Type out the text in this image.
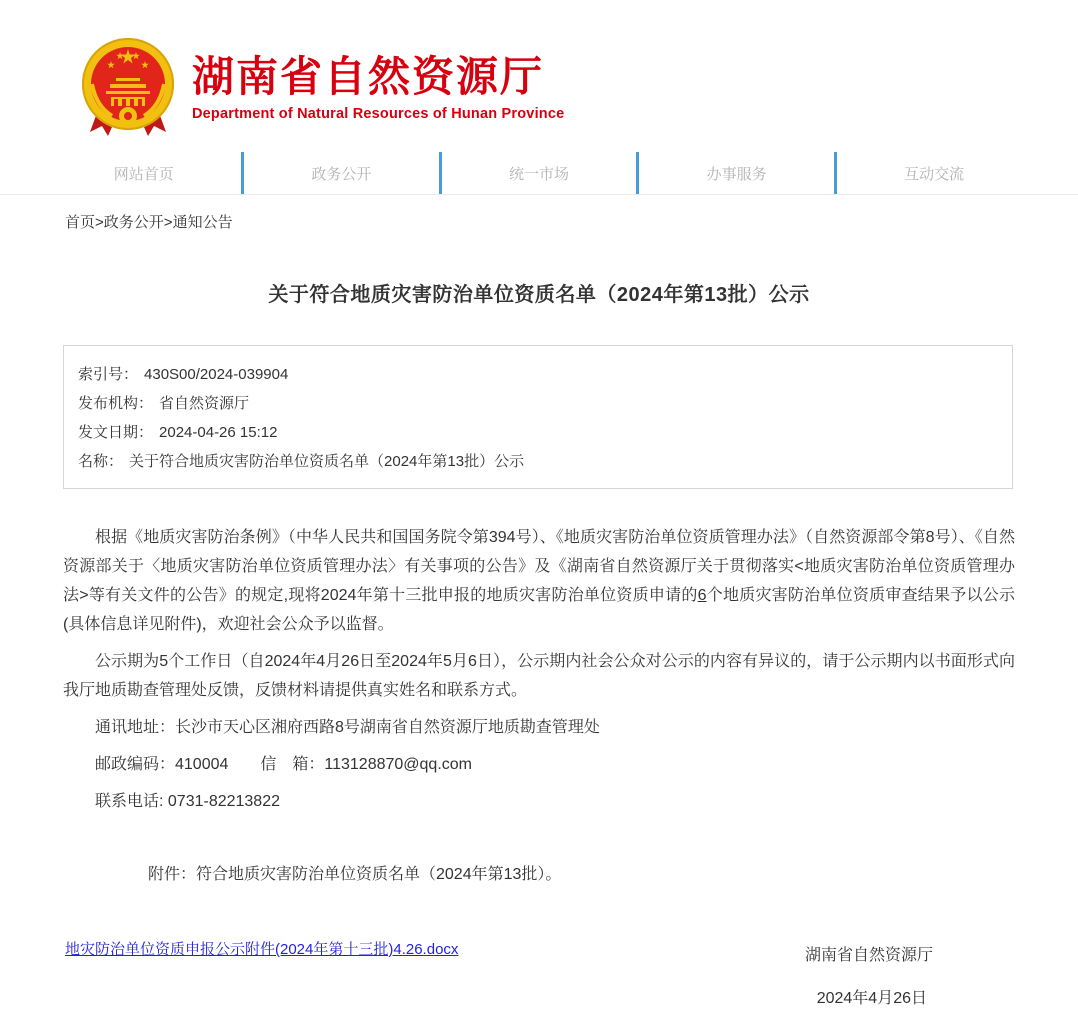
湖南省自然资源厅
Department of Natural Resources of Hunan Province
网站首页	政务公开	统一市场	办事服务	互动交流
首页>政务公开>通知公告
关于符合地质灾害防治单位资质名单（2024年第13批）公示
索引号： 430S00/2024-039904
发布机构： 省自然资源厅
发文日期： 2024-04-26 15:12
名称： 关于符合地质灾害防治单位资质名单（2024年第13批）公示

根据《地质灾害防治条例》（中华人民共和国国务院令第394号）、《地质灾害防治单位资质管理办法》（自然资源部令第8号）、《自然资源部关于〈地质灾害防治单位资质管理办法〉有关事项的公告》及《湖南省自然资源厅关于贯彻落实<地质灾害防治单位资质管理办法>等有关文件的公告》的规定,现将2024年第十三批申报的地质灾害防治单位资质申请的6个地质灾害防治单位资质审查结果予以公示(具体信息详见附件)，欢迎社会公众予以监督。

公示期为5个工作日（自2024年4月26日至2024年5月6日），公示期内社会公众对公示的内容有异议的，请于公示期内以书面形式向我厅地质勘查管理处反馈，反馈材料请提供真实姓名和联系方式。

通讯地址：长沙市天心区湘府西路8号湖南省自然资源厅地质勘查管理处

邮政编码：410004　　信　箱：113128870@qq.com

联系电话: 0731-82213822

附件：符合地质灾害防治单位资质名单（2024年第13批）。

湖南省自然资源厅
2024年4月26日
地灾防治单位资质申报公示附件(2024年第十三批)4.26.docx
